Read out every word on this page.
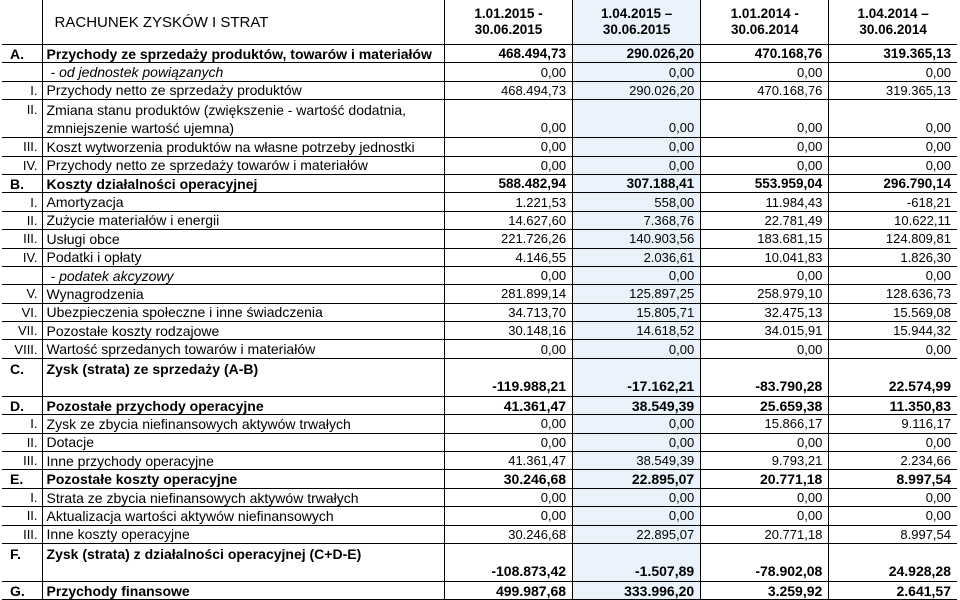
	RACHUNEK ZYSKÓW I STRAT	1.01.2015 - 30.06.2015	1.04.2015 – 30.06.2015	1.01.2014 - 30.06.2014	1.04.2014 – 30.06.2014
A.	Przychody ze sprzedaży produktów, towarów i materiałów	468.494,73	290.026,20	470.168,76	319.365,13
	- od jednostek powiązanych	0,00	0,00	0,00	0,00
I.	Przychody netto ze sprzedaży produktów	468.494,73	290.026,20	470.168,76	319.365,13
II.	Zmiana stanu produktów (zwiększenie - wartość dodatnia, zmniejszenie wartość ujemna)	0,00	0,00	0,00	0,00
III.	Koszt wytworzenia produktów na własne potrzeby jednostki	0,00	0,00	0,00	0,00
IV.	Przychody netto ze sprzedaży towarów i materiałów	0,00	0,00	0,00	0,00
B.	Koszty działalności operacyjnej	588.482,94	307.188,41	553.959,04	296.790,14
I.	Amortyzacja	1.221,53	558,00	11.984,43	-618,21
II.	Zużycie materiałów i energii	14.627,60	7.368,76	22.781,49	10.622,11
III.	Usługi obce	221.726,26	140.903,56	183.681,15	124.809,81
IV.	Podatki i opłaty	4.146,55	2.036,61	10.041,83	1.826,30
	- podatek akcyzowy	0,00	0,00	0,00	0,00
V.	Wynagrodzenia	281.899,14	125.897,25	258.979,10	128.636,73
VI.	Ubezpieczenia społeczne i inne świadczenia	34.713,70	15.805,71	32.475,13	15.569,08
VII.	Pozostałe koszty rodzajowe	30.148,16	14.618,52	34.015,91	15.944,32
VIII.	Wartość sprzedanych towarów i materiałów	0,00	0,00	0,00	0,00
C.	Zysk (strata) ze sprzedaży (A-B)	-119.988,21	-17.162,21	-83.790,28	22.574,99
D.	Pozostałe przychody operacyjne	41.361,47	38.549,39	25.659,38	11.350,83
I.	Zysk ze zbycia niefinansowych aktywów trwałych	0,00	0,00	15.866,17	9.116,17
II.	Dotacje	0,00	0,00	0,00	0,00
III.	Inne przychody operacyjne	41.361,47	38.549,39	9.793,21	2.234,66
E.	Pozostałe koszty operacyjne	30.246,68	22.895,07	20.771,18	8.997,54
I.	Strata ze zbycia niefinansowych aktywów trwałych	0,00	0,00	0,00	0,00
II.	Aktualizacja wartości aktywów niefinansowych	0,00	0,00	0,00	0,00
III.	Inne koszty operacyjne	30.246,68	22.895,07	20.771,18	8.997,54
F.	Zysk (strata) z działalności operacyjnej (C+D-E)	-108.873,42	-1.507,89	-78.902,08	24.928,28
G.	Przychody finansowe	499.987,68	333.996,20	3.259,92	2.641,57
